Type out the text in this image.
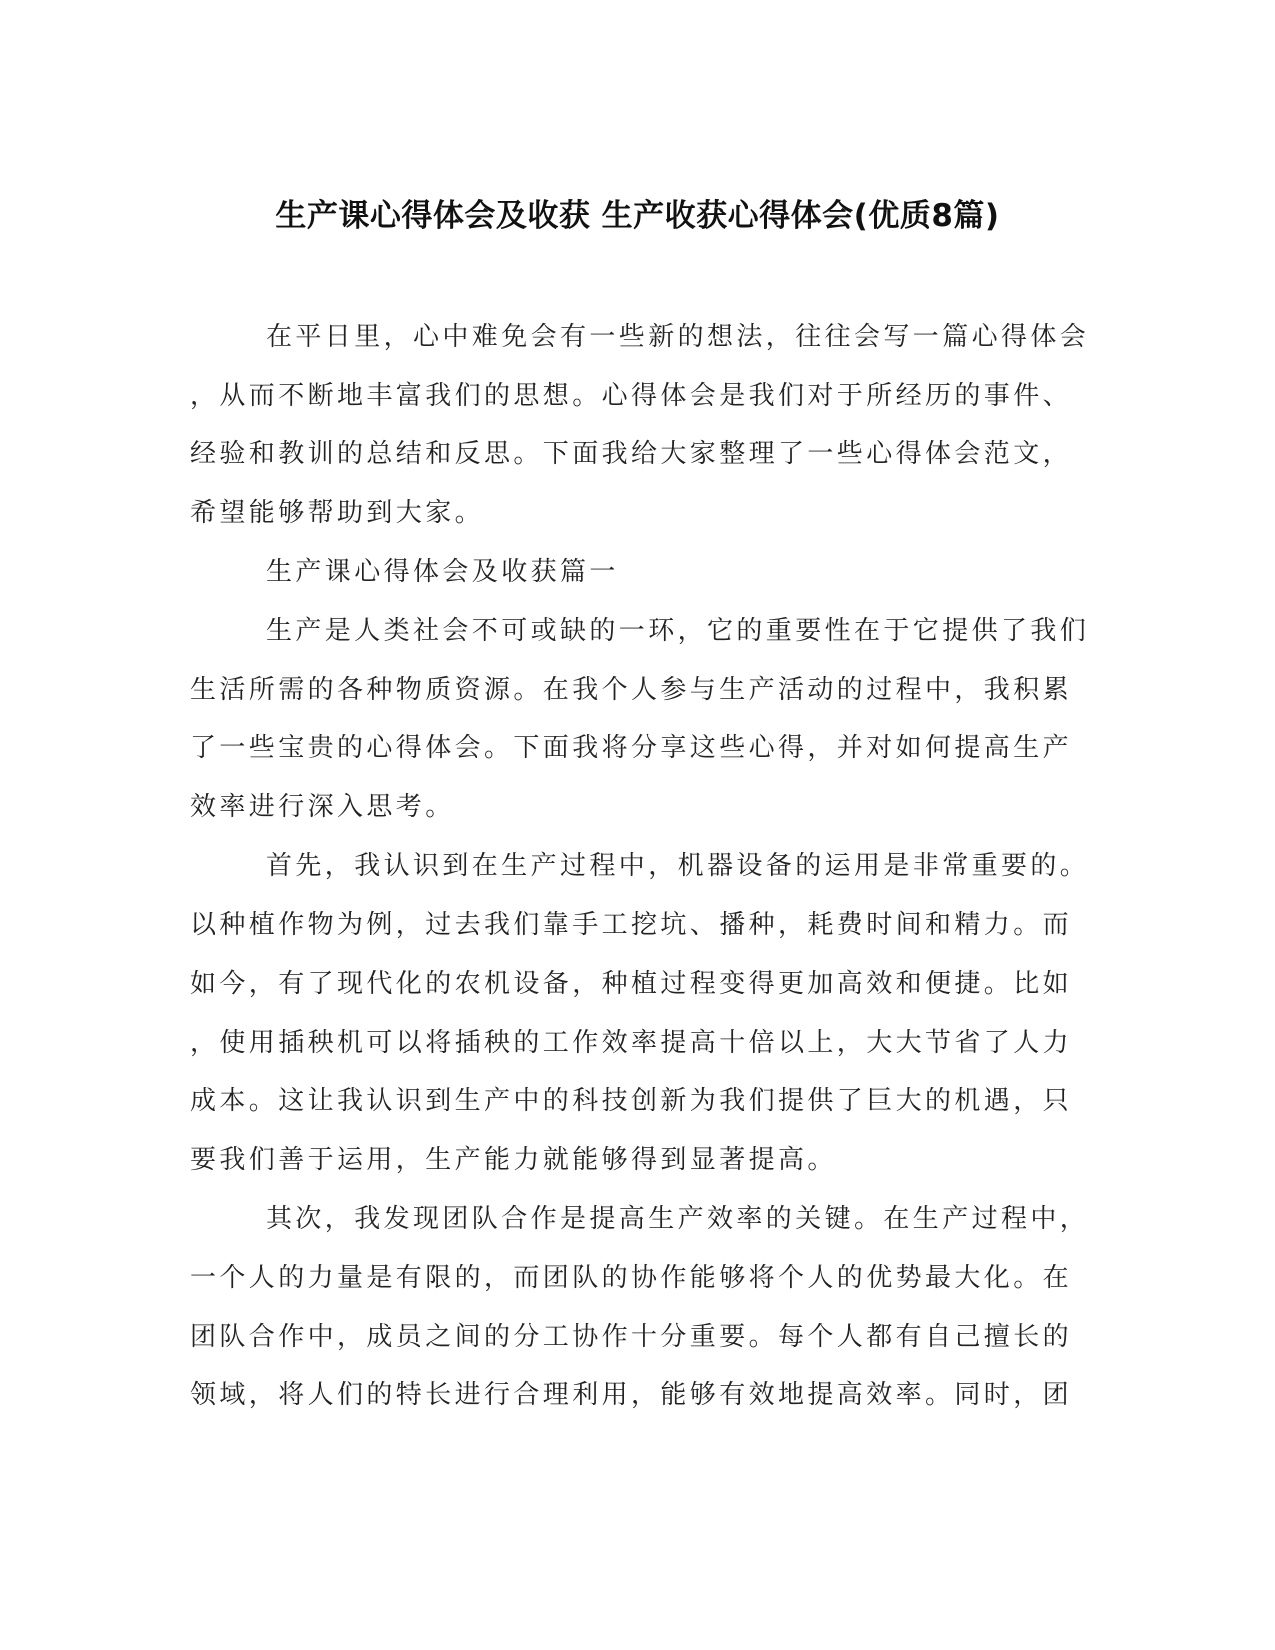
生产课心得体会及收获 生产收获心得体会(优质8篇)
在平日里，心中难免会有一些新的想法，往往会写一篇心得体会
，从而不断地丰富我们的思想。心得体会是我们对于所经历的事件、
经验和教训的总结和反思。下面我给大家整理了一些心得体会范文，
希望能够帮助到大家。
生产课心得体会及收获篇一
生产是人类社会不可或缺的一环，它的重要性在于它提供了我们
生活所需的各种物质资源。在我个人参与生产活动的过程中，我积累
了一些宝贵的心得体会。下面我将分享这些心得，并对如何提高生产
效率进行深入思考。
首先，我认识到在生产过程中，机器设备的运用是非常重要的。
以种植作物为例，过去我们靠手工挖坑、播种，耗费时间和精力。而
如今，有了现代化的农机设备，种植过程变得更加高效和便捷。比如
，使用插秧机可以将插秧的工作效率提高十倍以上，大大节省了人力
成本。这让我认识到生产中的科技创新为我们提供了巨大的机遇，只
要我们善于运用，生产能力就能够得到显著提高。
其次，我发现团队合作是提高生产效率的关键。在生产过程中，
一个人的力量是有限的，而团队的协作能够将个人的优势最大化。在
团队合作中，成员之间的分工协作十分重要。每个人都有自己擅长的
领域，将人们的特长进行合理利用，能够有效地提高效率。同时，团
